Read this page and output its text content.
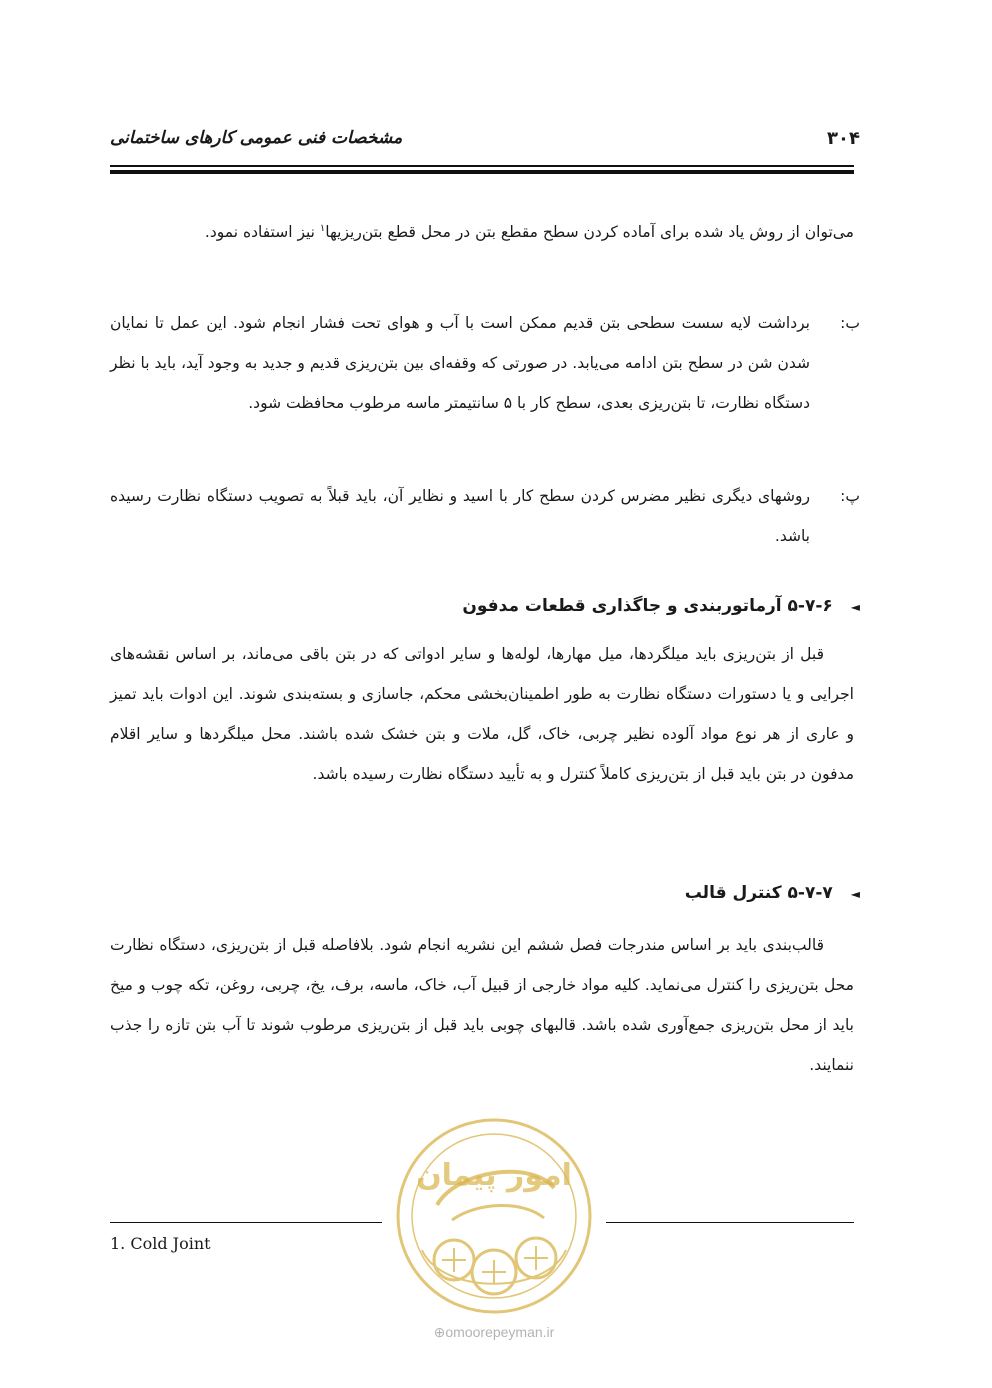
مشخصات فنی عمومی کارهای ساختمانی	۳۰۴
می‌توان از روش یاد شده برای آماده کردن سطح مقطع بتن در محل قطع بتن‌ریزیها$^۱$ نیز استفاده نمود.
ب:
برداشت لایه سست سطحی بتن قدیم ممکن است با آب و هوای تحت فشار انجام شود. این عمل تا نمایان شدن شن در سطح بتن ادامه می‌یابد. در صورتی که وقفه‌ای بین بتن‌ریزی قدیم و جدید به وجود آید، باید با نظر دستگاه نظارت، تا بتن‌ریزی بعدی، سطح کار با ۵ سانتیمتر ماسه مرطوب محافظت شود.
پ:
روشهای دیگری نظیر مضرس کردن سطح کار با اسید و نظایر آن، باید قبلاً به تصویب دستگاه نظارت رسیده باشد.
◄۵-۷-۶ آرماتوربندی و جاگذاری قطعات مدفون
قبل از بتن‌ریزی باید میلگردها، میل مهارها، لوله‌ها و سایر ادواتی که در بتن باقی می‌ماند، بر اساس نقشه‌های اجرایی و یا دستورات دستگاه نظارت به طور اطمینان‌بخشی محکم، جاسازی و بسته‌بندی شوند. این ادوات باید تمیز و عاری از هر نوع مواد آلوده نظیر چربی، خاک، گل، ملات و بتن خشک شده باشند. محل میلگردها و سایر اقلام مدفون در بتن باید قبل از بتن‌ریزی کاملاً کنترل و به تأیید دستگاه نظارت رسیده باشد.
◄۵-۷-۷ کنترل قالب
قالب‌بندی باید بر اساس مندرجات فصل ششم این نشریه انجام شود. بلافاصله قبل از بتن‌ریزی، دستگاه نظارت محل بتن‌ریزی را کنترل می‌نماید. کلیه مواد خارجی از قبیل آب، خاک، ماسه، برف، یخ، چربی، روغن، تکه چوب و میخ باید از محل بتن‌ریزی جمع‌آوری شده باشد. قالبهای چوبی باید قبل از بتن‌ریزی مرطوب شوند تا آب بتن تازه را جذب ننمایند.
1. Cold Joint
امور پیمان
⊕omoorepeyman.ir
